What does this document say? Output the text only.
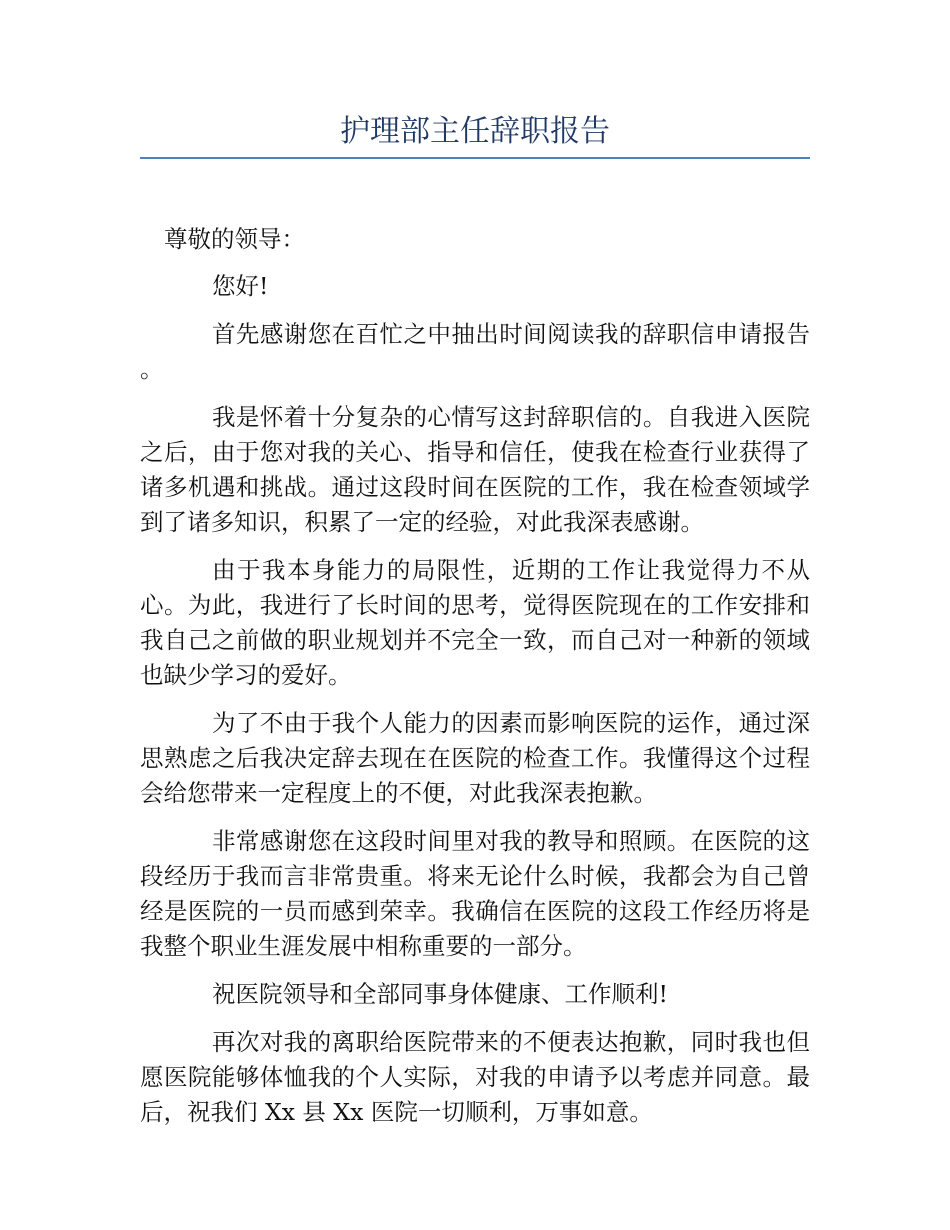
护理部主任辞职报告

尊敬的领导：

您好!

首先感谢您在百忙之中抽出时间阅读我的辞职信申请报告 。

我是怀着十分复杂的心情写这封辞职信的。自我进入医院之后，由于您对我的关心、指导和信任，使我在检查行业获得了诸多机遇和挑战。通过这段时间在医院的工作，我在检查领域学到了诸多知识，积累了一定的经验，对此我深表感谢。

由于我本身能力的局限性，近期的工作让我觉得力不从心。为此，我进行了长时间的思考，觉得医院现在的工作安排和我自己之前做的职业规划并不完全一致，而自己对一种新的领域也缺少学习的爱好。

为了不由于我个人能力的因素而影响医院的运作，通过深思熟虑之后我决定辞去现在在医院的检查工作。我懂得这个过程会给您带来一定程度上的不便，对此我深表抱歉。

非常感谢您在这段时间里对我的教导和照顾。在医院的这段经历于我而言非常贵重。将来无论什么时候，我都会为自己曾经是医院的一员而感到荣幸。我确信在医院的这段工作经历将是我整个职业生涯发展中相称重要的一部分。

祝医院领导和全部同事身体健康、工作顺利!

再次对我的离职给医院带来的不便表达抱歉，同时我也但愿医院能够体恤我的个人实际，对我的申请予以考虑并同意。最后，祝我们 Xx 县 Xx 医院一切顺利，万事如意。
